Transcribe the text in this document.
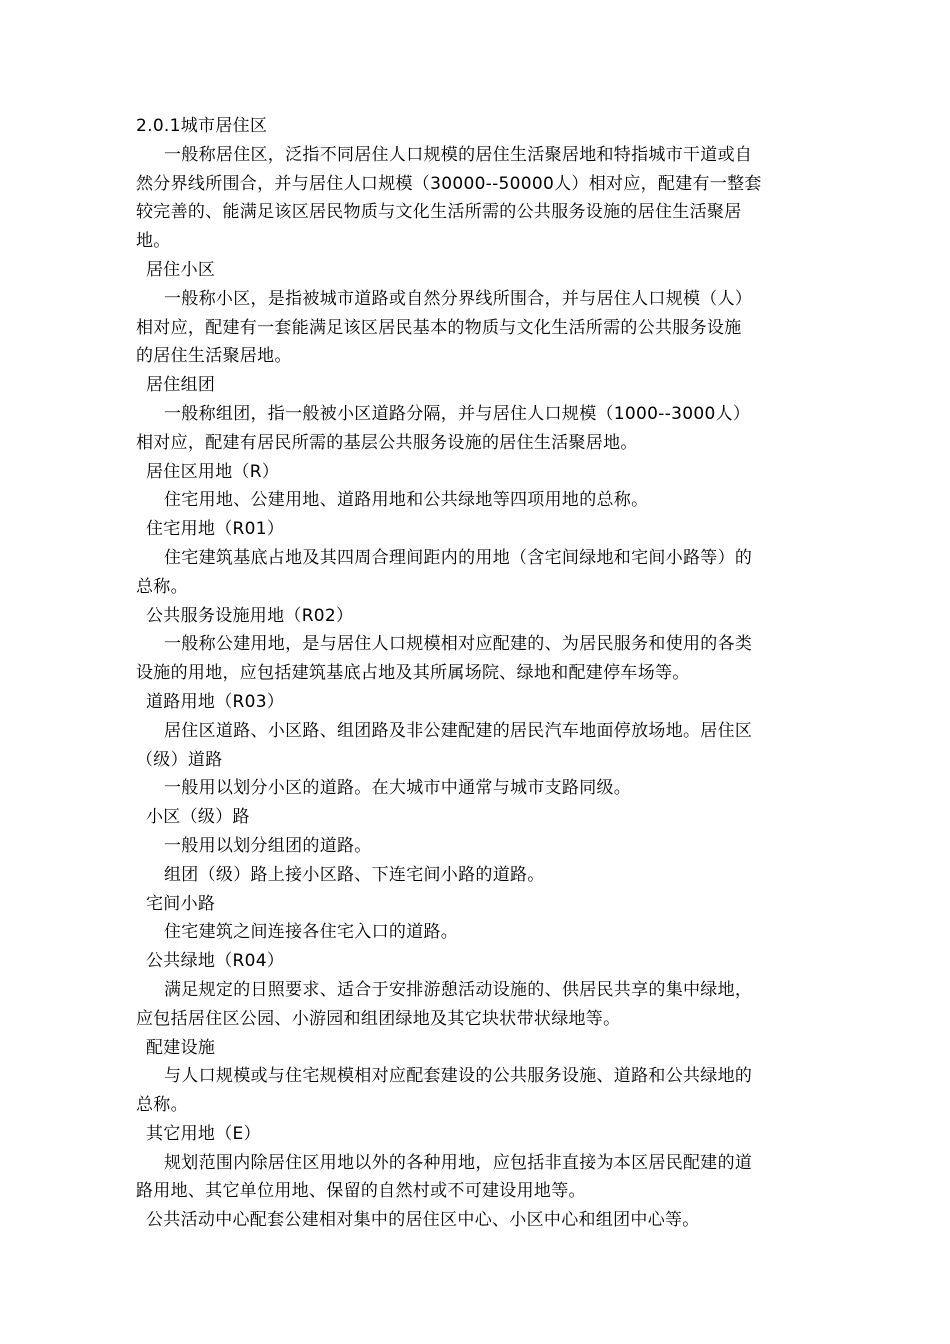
2.0.1城市居住区

一般称居住区，泛指不同居住人口规模的居住生活聚居地和特指城市干道或自

然分界线所围合，并与居住人口规模（30000--50000人）相对应，配建有一整套

较完善的、能满足该区居民物质与文化生活所需的公共服务设施的居住生活聚居

地。

居住小区

一般称小区，是指被城市道路或自然分界线所围合，并与居住人口规模（人）

相对应，配建有一套能满足该区居民基本的物质与文化生活所需的公共服务设施

的居住生活聚居地。

居住组团

一般称组团，指一般被小区道路分隔，并与居住人口规模（1000--3000人）

相对应，配建有居民所需的基层公共服务设施的居住生活聚居地。

居住区用地（R）

住宅用地、公建用地、道路用地和公共绿地等四项用地的总称。

住宅用地（R01）

住宅建筑基底占地及其四周合理间距内的用地（含宅间绿地和宅间小路等）的

总称。

公共服务设施用地（R02）

一般称公建用地，是与居住人口规模相对应配建的、为居民服务和使用的各类

设施的用地，应包括建筑基底占地及其所属场院、绿地和配建停车场等。

道路用地（R03）

居住区道路、小区路、组团路及非公建配建的居民汽车地面停放场地。居住区

（级）道路

一般用以划分小区的道路。在大城市中通常与城市支路同级。

小区（级）路

一般用以划分组团的道路。

组团（级）路上接小区路、下连宅间小路的道路。

宅间小路

住宅建筑之间连接各住宅入口的道路。

公共绿地（R04）

满足规定的日照要求、适合于安排游憩活动设施的、供居民共享的集中绿地，

应包括居住区公园、小游园和组团绿地及其它块状带状绿地等。

配建设施

与人口规模或与住宅规模相对应配套建设的公共服务设施、道路和公共绿地的

总称。

其它用地（E）

规划范围内除居住区用地以外的各种用地，应包括非直接为本区居民配建的道

路用地、其它单位用地、保留的自然村或不可建设用地等。

公共活动中心配套公建相对集中的居住区中心、小区中心和组团中心等。
